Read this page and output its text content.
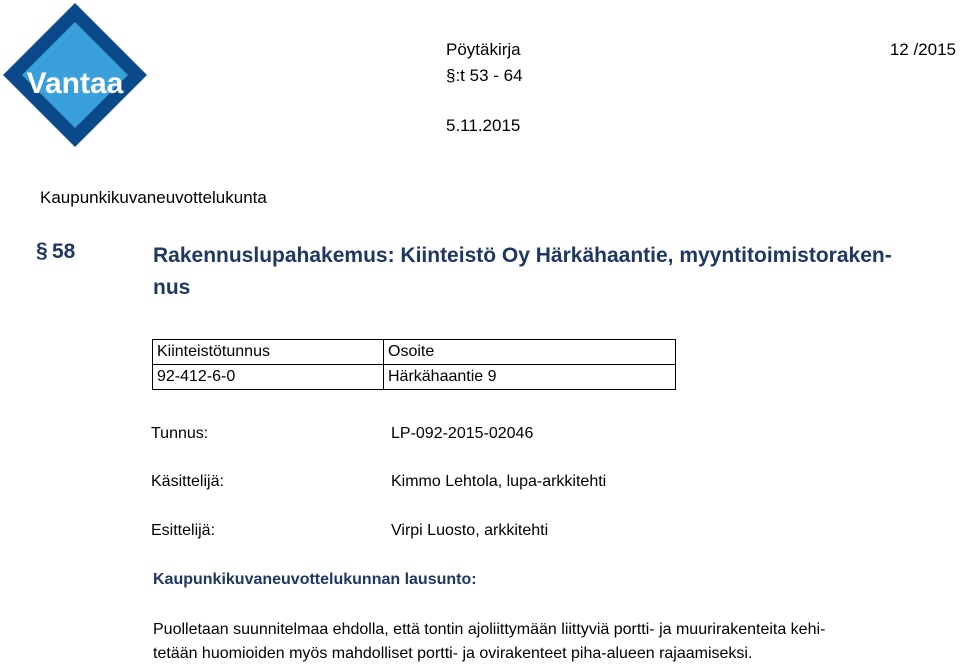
Vantaa
Pöytäkirja	12 /2015
§:t 53 - 64
5.11.2015
Kaupunkikuvaneuvottelukunta
§ 58	Rakennuslupahakemus: Kiinteistö Oy Härkähaantie, myyntitoimistoraken-
nus
Kiinteistötunnus	Osoite
92-412-6-0	Härkähaantie 9
Tunnus:	LP-092-2015-02046
Käsittelijä:	Kimmo Lehtola, lupa-arkkitehti
Esittelijä:	Virpi Luosto, arkkitehti
Kaupunkikuvaneuvottelukunnan lausunto:
Puolletaan suunnitelmaa ehdolla, että tontin ajoliittymään liittyviä portti- ja muurirakenteita kehi-
tetään huomioiden myös mahdolliset portti- ja ovirakenteet piha-alueen rajaamiseksi.
